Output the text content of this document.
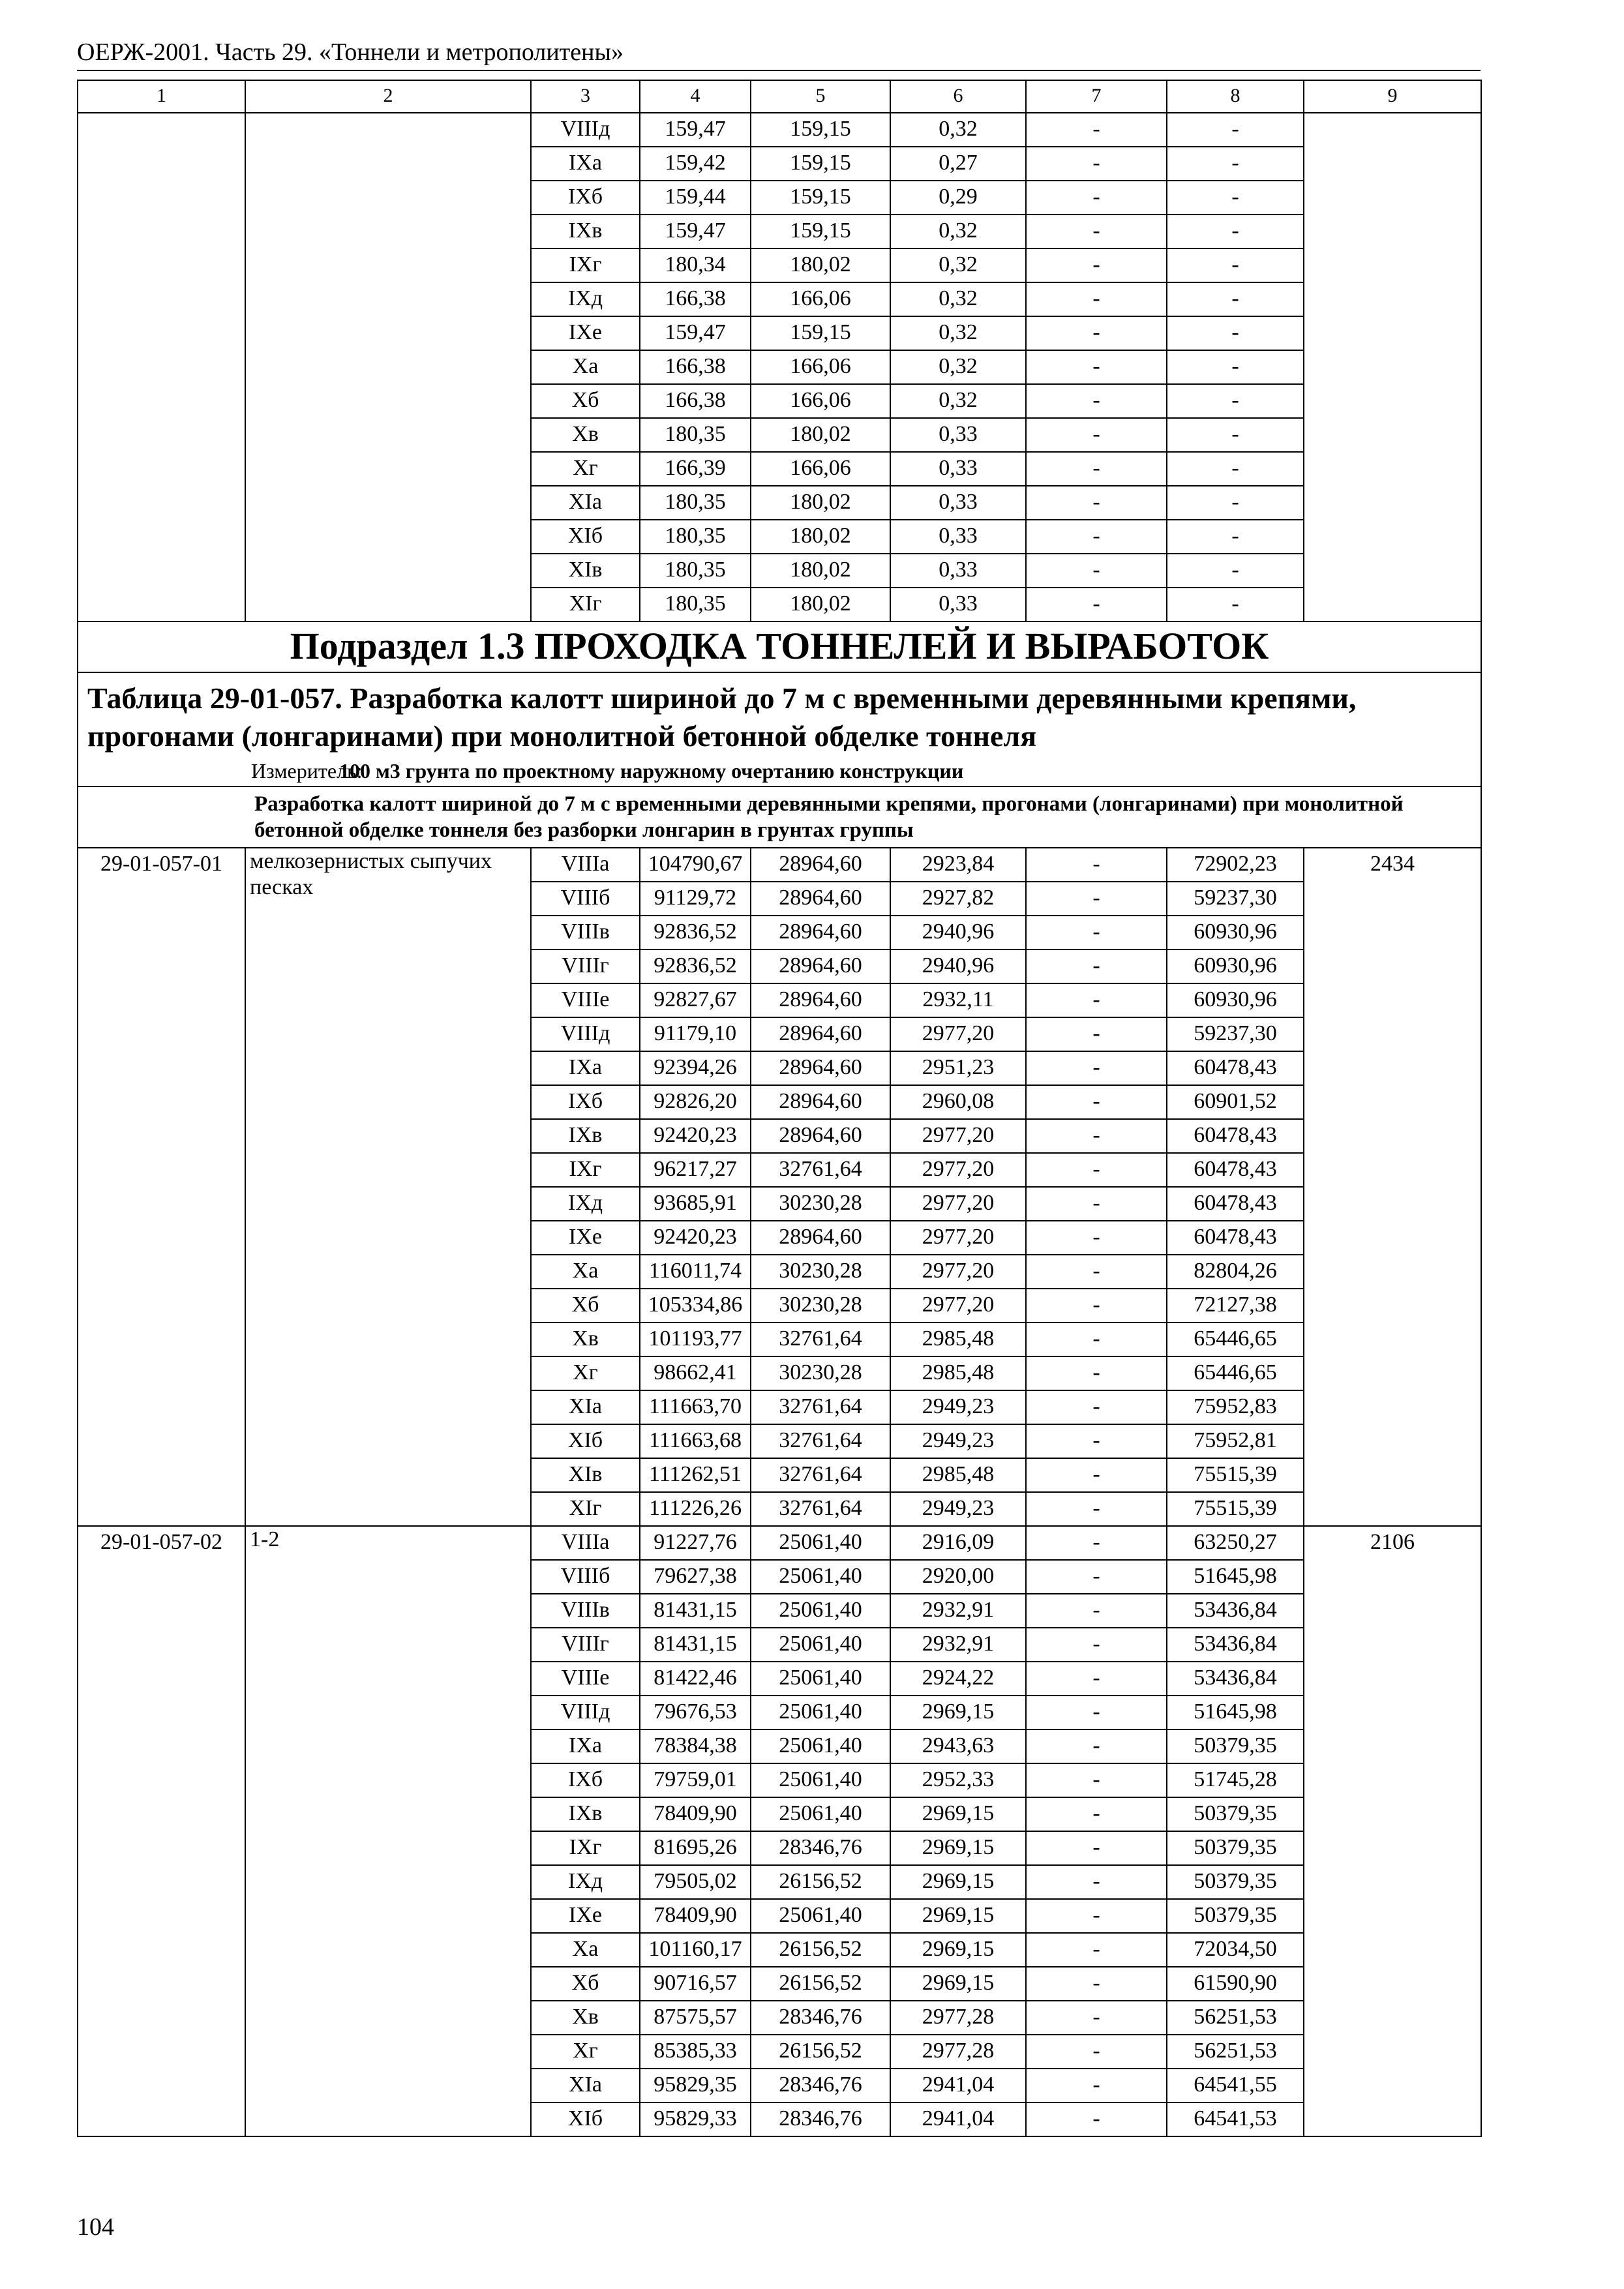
ОЕРЖ-2001. Часть 29. «Тоннели и метрополитены»
1	2	3	4	5	6	7	8	9
		VIIIд	159,47	159,15	0,32	-	-	
		IXа	159,42	159,15	0,27	-	-	
		IXб	159,44	159,15	0,29	-	-	
		IXв	159,47	159,15	0,32	-	-	
		IXг	180,34	180,02	0,32	-	-	
		IXд	166,38	166,06	0,32	-	-	
		IXе	159,47	159,15	0,32	-	-	
		Xа	166,38	166,06	0,32	-	-	
		Xб	166,38	166,06	0,32	-	-	
		Xв	180,35	180,02	0,33	-	-	
		Xг	166,39	166,06	0,33	-	-	
		XIа	180,35	180,02	0,33	-	-	
		XIб	180,35	180,02	0,33	-	-	
		XIв	180,35	180,02	0,33	-	-	
		XIг	180,35	180,02	0,33	-	-	
Подраздел 1.3 ПРОХОДКА ТОННЕЛЕЙ И ВЫРАБОТОК								
Таблица 29-01-057. Разработка калотт шириной до 7 м с временными деревянными крепями, прогонами (лонгаринами) при монолитной бетонной обделке тоннеля								
Измеритель:100 м3 грунта по проектному наружному очертанию конструкции								
Разработка калотт шириной до 7 м с временными деревянными крепями, прогонами (лонгаринами) при монолитной бетонной обделке тоннеля без разборки лонгарин в грунтах группы								
29-01-057-01	мелкозернистых сыпучих песках	VIIIа	104790,67	28964,60	2923,84	-	72902,23	2434
		VIIIб	91129,72	28964,60	2927,82	-	59237,30	
		VIIIв	92836,52	28964,60	2940,96	-	60930,96	
		VIIIг	92836,52	28964,60	2940,96	-	60930,96	
		VIIIе	92827,67	28964,60	2932,11	-	60930,96	
		VIIIд	91179,10	28964,60	2977,20	-	59237,30	
		IXа	92394,26	28964,60	2951,23	-	60478,43	
		IXб	92826,20	28964,60	2960,08	-	60901,52	
		IXв	92420,23	28964,60	2977,20	-	60478,43	
		IXг	96217,27	32761,64	2977,20	-	60478,43	
		IXд	93685,91	30230,28	2977,20	-	60478,43	
		IXе	92420,23	28964,60	2977,20	-	60478,43	
		Xа	116011,74	30230,28	2977,20	-	82804,26	
		Xб	105334,86	30230,28	2977,20	-	72127,38	
		Xв	101193,77	32761,64	2985,48	-	65446,65	
		Xг	98662,41	30230,28	2985,48	-	65446,65	
		XIа	111663,70	32761,64	2949,23	-	75952,83	
		XIб	111663,68	32761,64	2949,23	-	75952,81	
		XIв	111262,51	32761,64	2985,48	-	75515,39	
		XIг	111226,26	32761,64	2949,23	-	75515,39	
29-01-057-02	1-2	VIIIа	91227,76	25061,40	2916,09	-	63250,27	2106
		VIIIб	79627,38	25061,40	2920,00	-	51645,98	
		VIIIв	81431,15	25061,40	2932,91	-	53436,84	
		VIIIг	81431,15	25061,40	2932,91	-	53436,84	
		VIIIе	81422,46	25061,40	2924,22	-	53436,84	
		VIIIд	79676,53	25061,40	2969,15	-	51645,98	
		IXа	78384,38	25061,40	2943,63	-	50379,35	
		IXб	79759,01	25061,40	2952,33	-	51745,28	
		IXв	78409,90	25061,40	2969,15	-	50379,35	
		IXг	81695,26	28346,76	2969,15	-	50379,35	
		IXд	79505,02	26156,52	2969,15	-	50379,35	
		IXе	78409,90	25061,40	2969,15	-	50379,35	
		Xа	101160,17	26156,52	2969,15	-	72034,50	
		Xб	90716,57	26156,52	2969,15	-	61590,90	
		Xв	87575,57	28346,76	2977,28	-	56251,53	
		Xг	85385,33	26156,52	2977,28	-	56251,53	
		XIа	95829,35	28346,76	2941,04	-	64541,55	
		XIб	95829,33	28346,76	2941,04	-	64541,53	
104
